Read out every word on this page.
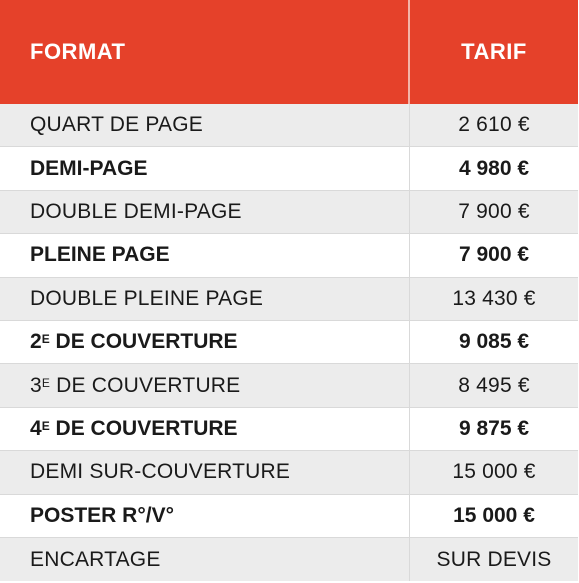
FORMAT	TARIF
QUART DE PAGE	2 610 €
DEMI-PAGE	4 980 €
DOUBLE DEMI-PAGE	7 900 €
PLEINE PAGE	7 900 €
DOUBLE PLEINE PAGE	13 430 €
$2^E$ DE COUVERTURE	9 085 €
$3^E$ DE COUVERTURE	8 495 €
$4^E$ DE COUVERTURE	9 875 €
DEMI SUR-COUVERTURE	15 000 €
POSTER R°/V°	15 000 €
ENCARTAGE	SUR DEVIS
